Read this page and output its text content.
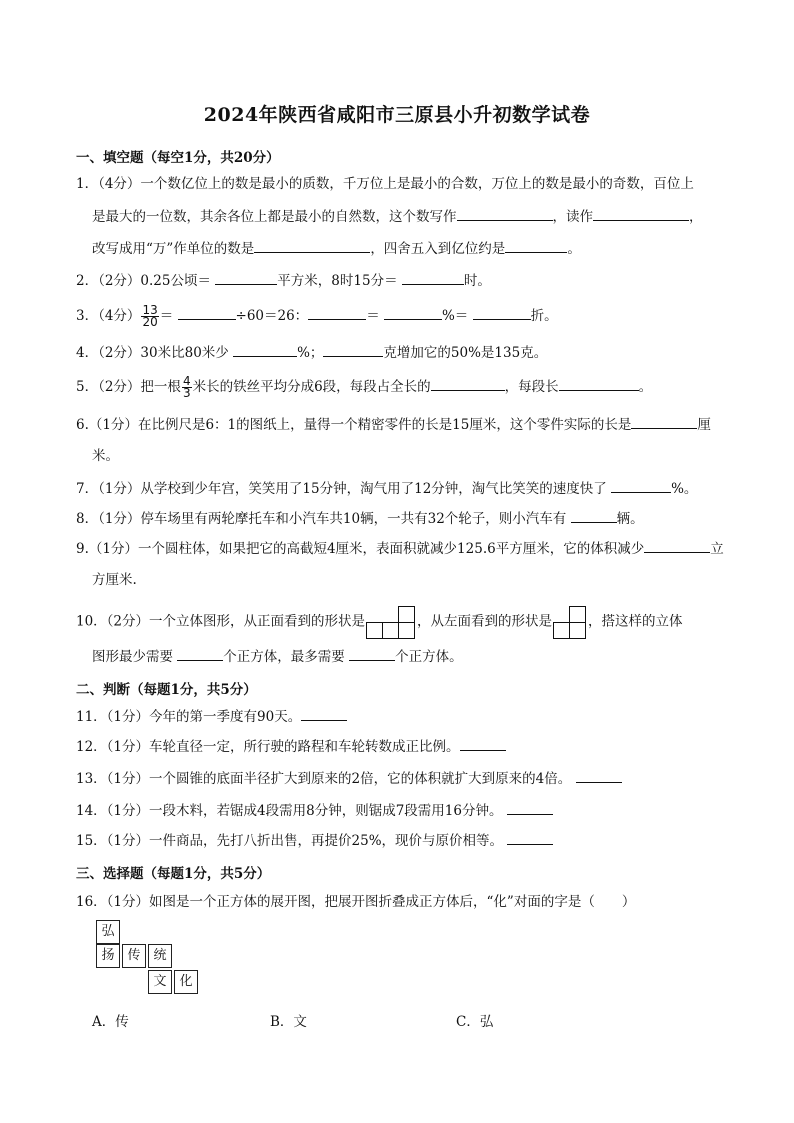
2024年陕西省咸阳市三原县小升初数学试卷
一、填空题（每空1分，共20分）
1．（4分）一个数亿位上的数是最小的质数，千万位上是最小的合数，万位上的数是最小的奇数，百位上
是最大的一位数，其余各位上都是最小的自然数，这个数写作	，读作	，
改写成用“万”作单位的数是	，四舍五入到亿位约是	。
2．（2分）0.25公顷＝	平方米，8时15分＝	时。
3．（4分） $\frac{13}{20}$ ＝	÷60＝26：	＝	%＝	折。
4．（2分）30米比80米少	%；	克增加它的50%是135克。
5．（2分）把一根 $\frac{4}{3}$ 米长的铁丝平均分成6段，每段占全长的	，每段长	。
6.（1分）在比例尺是6：1的图纸上，量得一个精密零件的长是15厘米，这个零件实际的长是	厘
米。
7．（1分）从学校到少年宫，笑笑用了15分钟，淘气用了12分钟，淘气比笑笑的速度快了	%。
8．（1分）停车场里有两轮摩托车和小汽车共10辆，一共有32个轮子，则小汽车有	辆。
9.（1分）一个圆柱体，如果把它的高截短4厘米，表面积就减少125.6平方厘米，它的体积减少	立
方厘米.
10．（2分）一个立体图形，从正面看到的形状是	，从左面看到的形状是	，搭这样的立体
图形最少需要	个正方体，最多需要	个正方体。
二、判断（每题1分，共5分）
11．（1分）今年的第一季度有90天。
12．（1分）车轮直径一定，所行驶的路程和车轮转数成正比例。
13．（1分）一个圆锥的底面半径扩大到原来的2倍，它的体积就扩大到原来的4倍。
14．（1分）一段木料，若锯成4段需用8分钟，则锯成7段需用16分钟。
15．（1分）一件商品，先打八折出售，再提价25%，现价与原价相等。
三、选择题（每题1分，共5分）
16．（1分）如图是一个正方体的展开图，把展开图折叠成正方体后，“化”对面的字是（　　）
弘
扬 传 统
文 化
A．传	B．文	C．弘
